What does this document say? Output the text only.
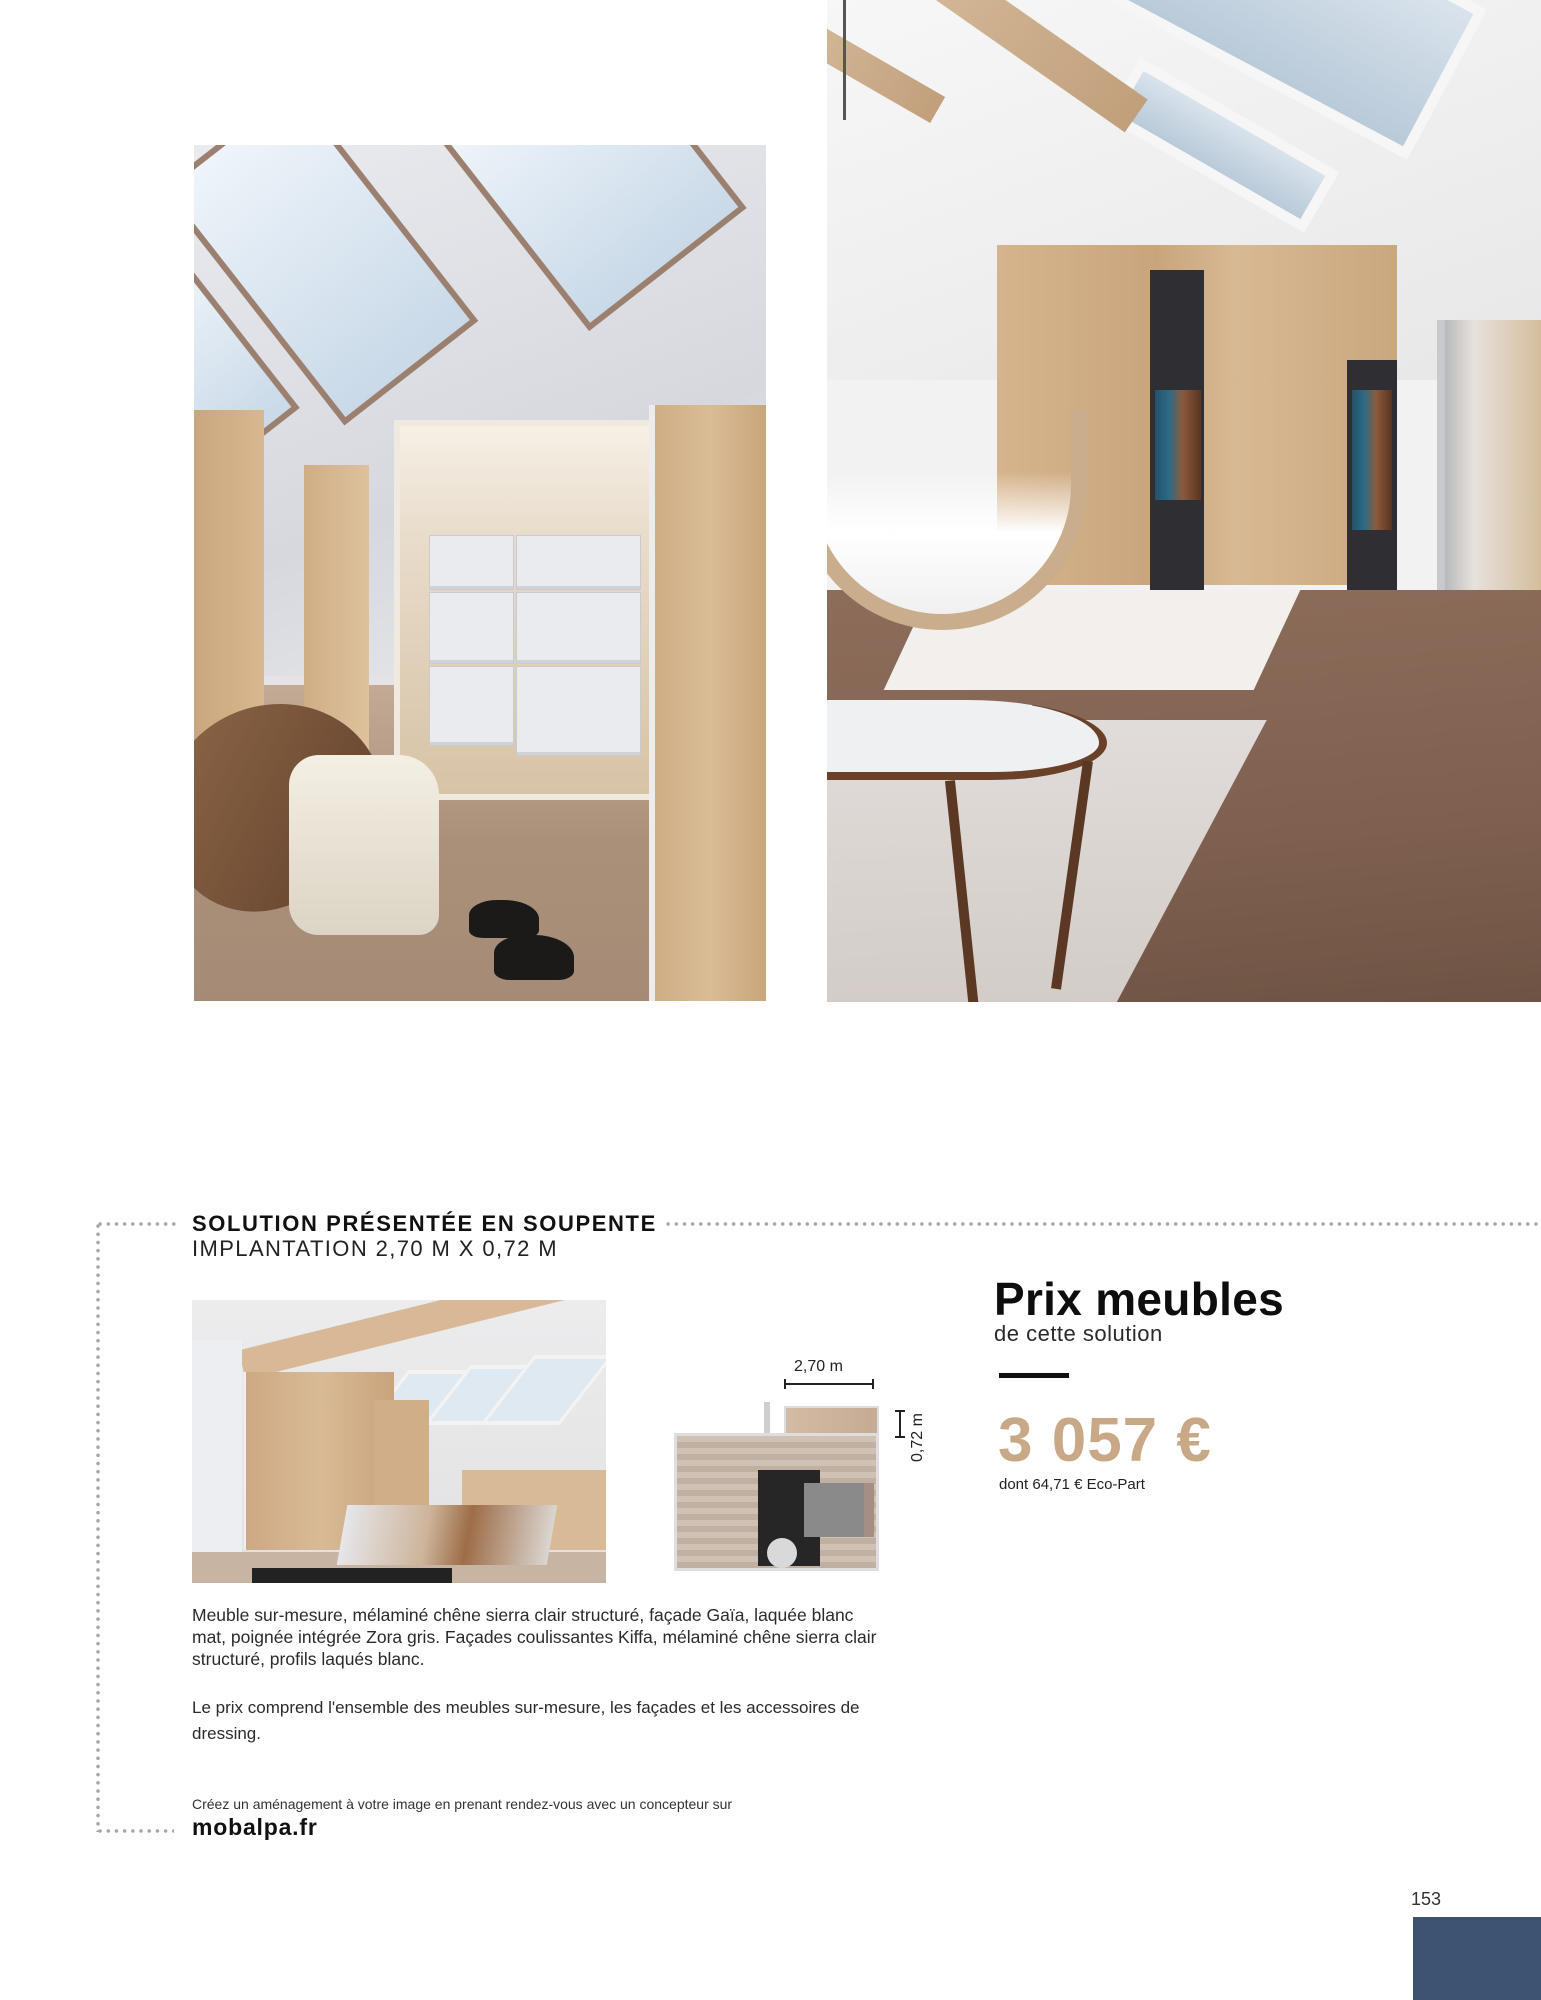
SOLUTION PRÉSENTÉE EN SOUPENTE
IMPLANTATION 2,70 M X 0,72 M
2,70 m
0,72 m
Prix meubles
de cette solution
3 057 €
dont 64,71 € Eco-Part
Meuble sur-mesure, mélaminé chêne sierra clair structuré, façade Gaïa, laquée blanc mat, poignée intégrée Zora gris. Façades coulissantes Kiffa, mélaminé chêne sierra clair structuré, profils laqués blanc.
Le prix comprend l'ensemble des meubles sur-mesure, les façades et les accessoires de dressing.
Créez un aménagement à votre image en prenant rendez-vous avec un concepteur sur
mobalpa.fr
153
